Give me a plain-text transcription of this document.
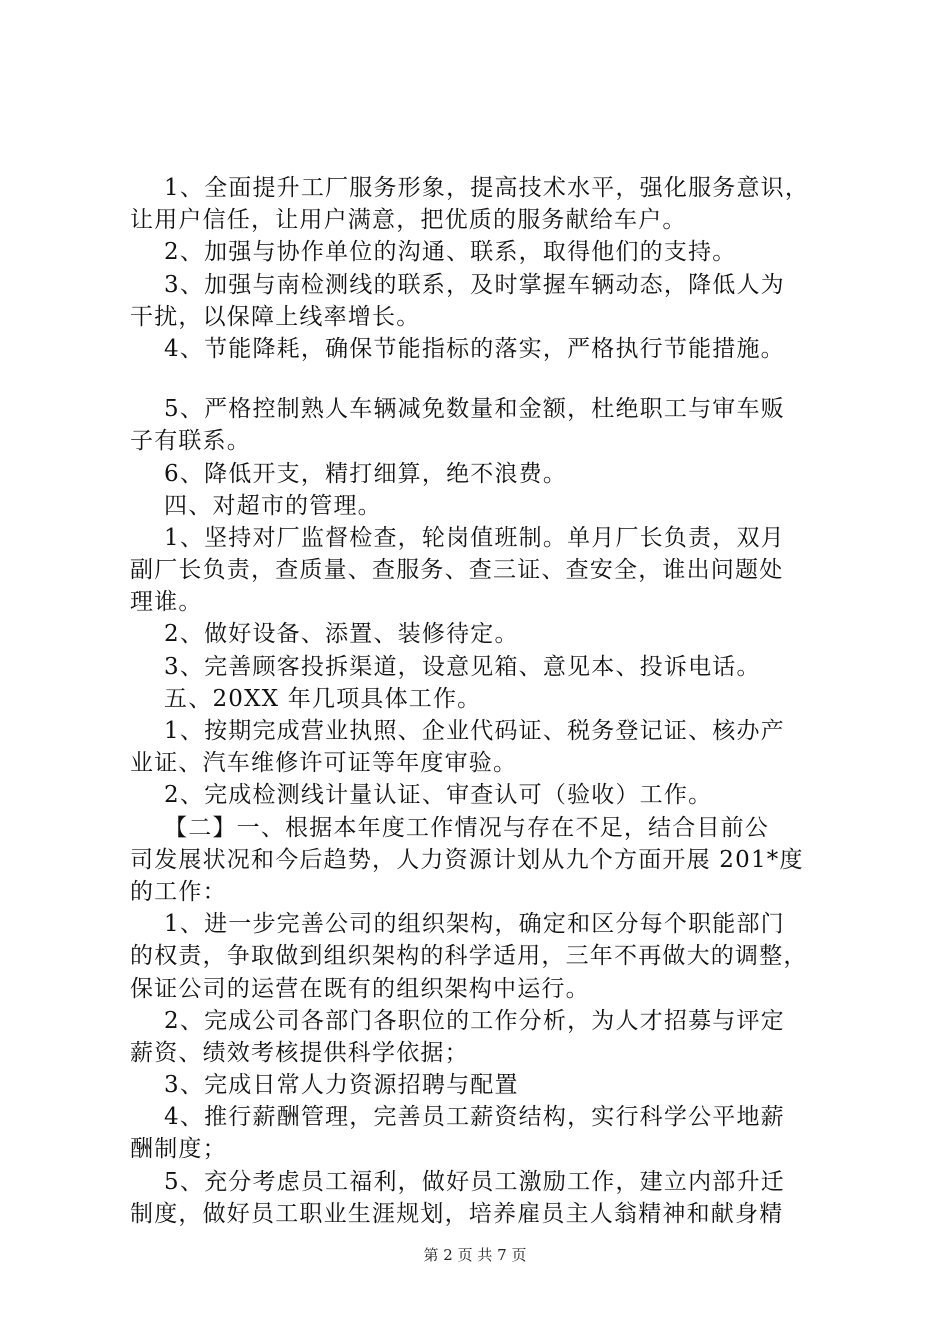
1、全面提升工厂服务形象，提高技术水平，强化服务意识，
让用户信任，让用户满意，把优质的服务献给车户。
2、加强与协作单位的沟通、联系，取得他们的支持。
3、加强与南检测线的联系，及时掌握车辆动态，降低人为
干扰，以保障上线率增长。
4、节能降耗，确保节能指标的落实，严格执行节能措施。
5、严格控制熟人车辆减免数量和金额，杜绝职工与审车贩
子有联系。
6、降低开支，精打细算，绝不浪费。
四、对超市的管理。
1、坚持对厂监督检查，轮岗值班制。单月厂长负责，双月
副厂长负责，查质量、查服务、查三证、查安全，谁出问题处
理谁。
2、做好设备、添置、装修待定。
3、完善顾客投拆渠道，设意见箱、意见本、投诉电话。
五、20XX 年几项具体工作。
1、按期完成营业执照、企业代码证、税务登记证、核办产
业证、汽车维修许可证等年度审验。
2、完成检测线计量认证、审查认可（验收）工作。
【二】一、根据本年度工作情况与存在不足，结合目前公
司发展状况和今后趋势，人力资源计划从九个方面开展 201*度
的工作：
1、进一步完善公司的组织架构，确定和区分每个职能部门
的权责，争取做到组织架构的科学适用，三年不再做大的调整，
保证公司的运营在既有的组织架构中运行。
2、完成公司各部门各职位的工作分析，为人才招募与评定
薪资、绩效考核提供科学依据；
3、完成日常人力资源招聘与配置
4、推行薪酬管理，完善员工薪资结构，实行科学公平地薪
酬制度；
5、充分考虑员工福利，做好员工激励工作，建立内部升迁
制度，做好员工职业生涯规划，培养雇员主人翁精神和献身精
第 2 页 共 7 页
